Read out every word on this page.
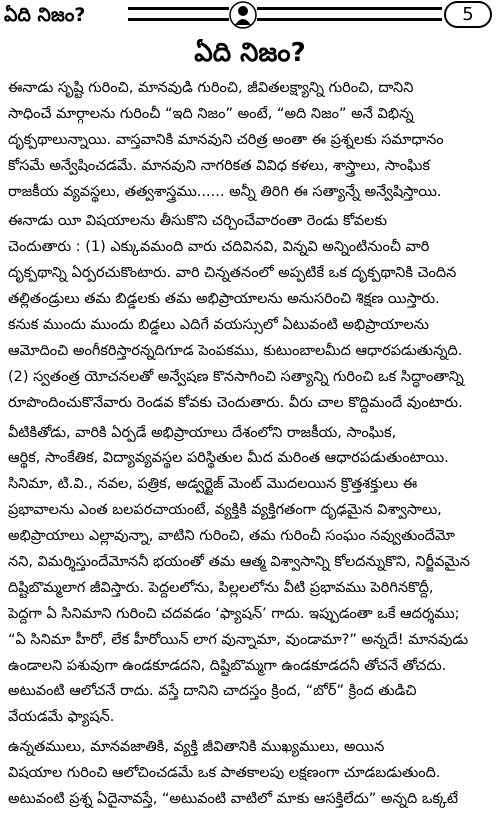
ఏది నిజం?	5
ఏది నిజం?
ఈనాడు సృష్టి గురించి, మానవుడి గురించి, జీవితలక్ష్యాన్ని గురించి, దానిని
సాధించే మార్గాలను గురించీ “ఇది నిజం” అంటే, “అది నిజం” అనే విభిన్న
దృక్పథాలున్నాయి. వాస్తవానికి మానవుని చరిత్ర అంతా ఈ ప్రశ్నలకు సమాధానం
కోసమే అన్వేషించడమే. మానవుని నాగరికత వివిధ కళలు, శాస్త్రాలు, సాంఘిక
రాజకీయ వ్యవస్థలు, తత్వశాస్త్రము...... అన్నీ తిరిగి ఈ సత్యాన్నే అన్వేషిస్తాయి.
ఈనాడు యీ విషయాలను తీసుకొని చర్చించేవారంతా రెండు కోవలకు
చెందుతారు : (1) ఎక్కువమంది వారు చదివినవి, విన్నవి అన్నింటినుంచీ వారి
దృక్పథాన్ని ఏర్పరచుకొంటారు. వారి చిన్నతనంలో అప్పటికే ఒక దృక్పథానికి చెందిన
తల్లితండ్రులు తమ బిడ్డలకు తమ అభిప్రాయాలను అనుసరించి శిక్షణ యిస్తారు.
కనుక ముందు ముందు బిడ్డలు ఎదిగే వయస్సులో ఏటువంటి అభిప్రాయాలను
ఆమోదించి అంగీకరిస్తారన్నదిగూడ పెంపకము, కుటుంబాలమీద ఆధారపడుతున్నది.
(2) స్వతంత్ర యోచనలతో అన్వేషణ కొనసాగించి సత్యాన్ని గురించి ఒక సిద్ధాంతాన్ని
రూపొందించుకొనేవారు రెండవ కోవకు చెందుతారు. వీరు చాల కొద్దిమందే వుంటారు.
వీటికితోడు, వారికి ఏర్పడే అభిప్రాయాలు దేశంలోని రాజకీయ, సాంఘిక,
ఆర్థిక, సాంకేతిక, విద్యావ్యవస్థల పరిస్థితుల మీద మరింత ఆధారపడుతుంటాయి.
సినిమా, టి.వి., నవల, పత్రిక, అడ్వర్టైజ్ మెంట్ మొదలయిన క్రొత్తశక్తులు ఈ
ప్రభావాలను ఎంత బలపరచాయంటే, వ్యక్తికి వ్యక్తిగతంగా దృఢమైన విశ్వాసాలు,
అభిప్రాయాలు ఎల్లావున్నా, వాటిని గురించి, తమ గురించీ సంఘం నవ్వుతుందేమో
నని, విమర్శిస్తుందేమోననీ భయంతో తమ ఆత్మ విశ్వాసాన్ని కోలదన్నుకొని, నిర్జీవమైన
దిష్టిబొమ్మలాగ జీవిస్తారు. పెద్దలలోను, పిల్లలలోను వీటి ప్రభావము పెరిగినకొద్దీ,
పెద్దగా ఏ సినిమాని గురించి చదవడం ‘ఫ్యాషన్’ గాదు. ఇప్పుడంతా ఒకే ఆదర్శము;
“ఏ సినిమా హీరో, లేక హీరోయిన్ లాగ వున్నామా, వుండామా?” అన్నదే! మానవుడు
ఉండాలని పశువుగా ఉండకూడదని, దిష్టిబొమ్మగా ఉండకూడదనీ తోచనే తోచదు.
అటువంటి ఆలోచనే రాదు. వస్తే దానిని చాదస్తం క్రింద, “బోర్” క్రింద తుడిచి
వేయడమే ఫ్యాషన్.
ఉన్నతములు, మానవజాతికి, వ్యక్తి జీవితానికి ముఖ్యములు, అయిన
విషయాల గురించి ఆలోచించడమే ఒక పాతకాలపు లక్షణంగా చూడబడుతుంది.
అటువంటి ప్రశ్న ఏదైనావస్తే, “అటువంటి వాటిలో మాకు ఆసక్తిలేదు” అన్నది ఒక్కటే
